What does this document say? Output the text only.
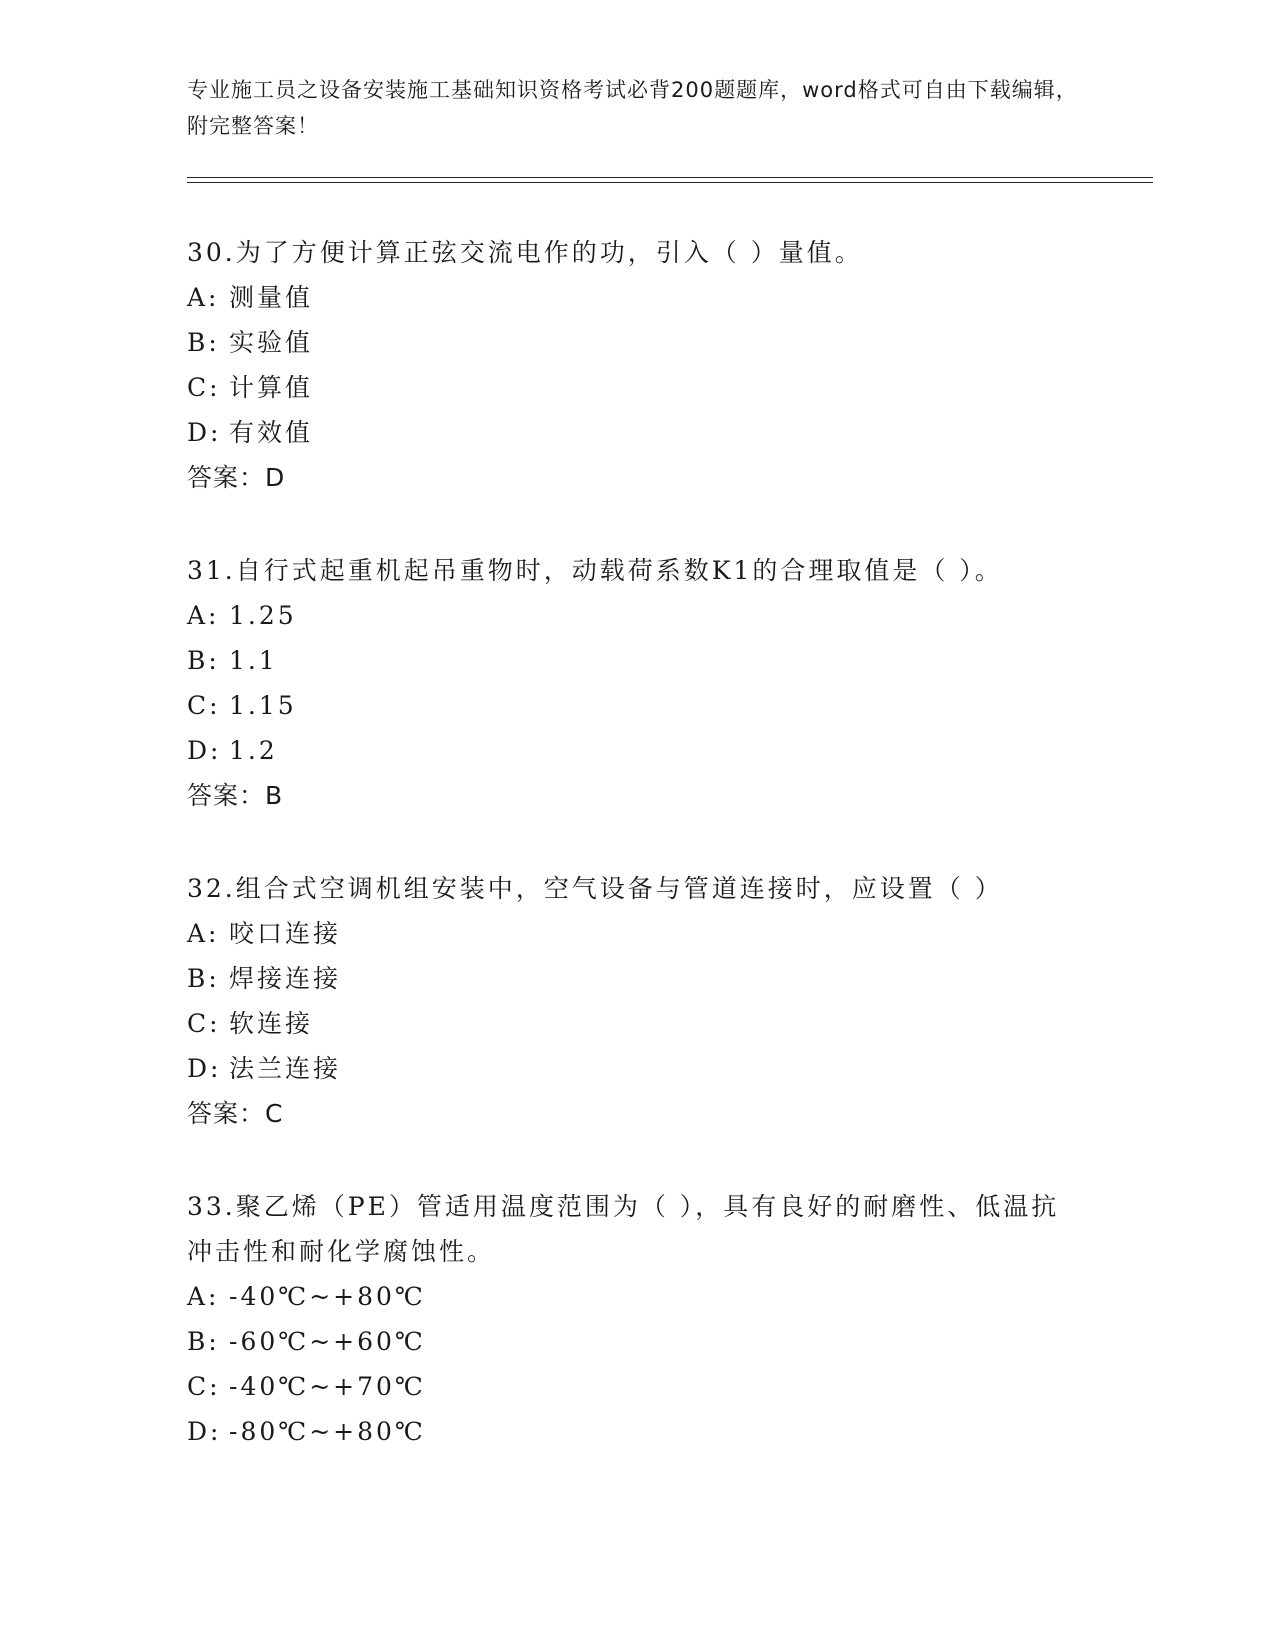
专业施工员之设备安装施工基础知识资格考试必背200题题库，word格式可自由下载编辑，附完整答案！
30.为了方便计算正弦交流电作的功，引入（ ）量值。
A: 测量值
B: 实验值
C: 计算值
D: 有效值
答案：D
31.自行式起重机起吊重物时，动载荷系数K1的合理取值是（ ）。
A: 1.25
B: 1.1
C: 1.15
D: 1.2
答案：B
32.组合式空调机组安装中，空气设备与管道连接时，应设置（ ）
A: 咬口连接
B: 焊接连接
C: 软连接
D: 法兰连接
答案：C
33.聚乙烯（PE）管适用温度范围为（ ），具有良好的耐磨性、低温抗冲击性和耐化学腐蚀性。
A: -40℃~+80℃
B: -60℃~+60℃
C: -40℃~+70℃
D: -80℃~+80℃
